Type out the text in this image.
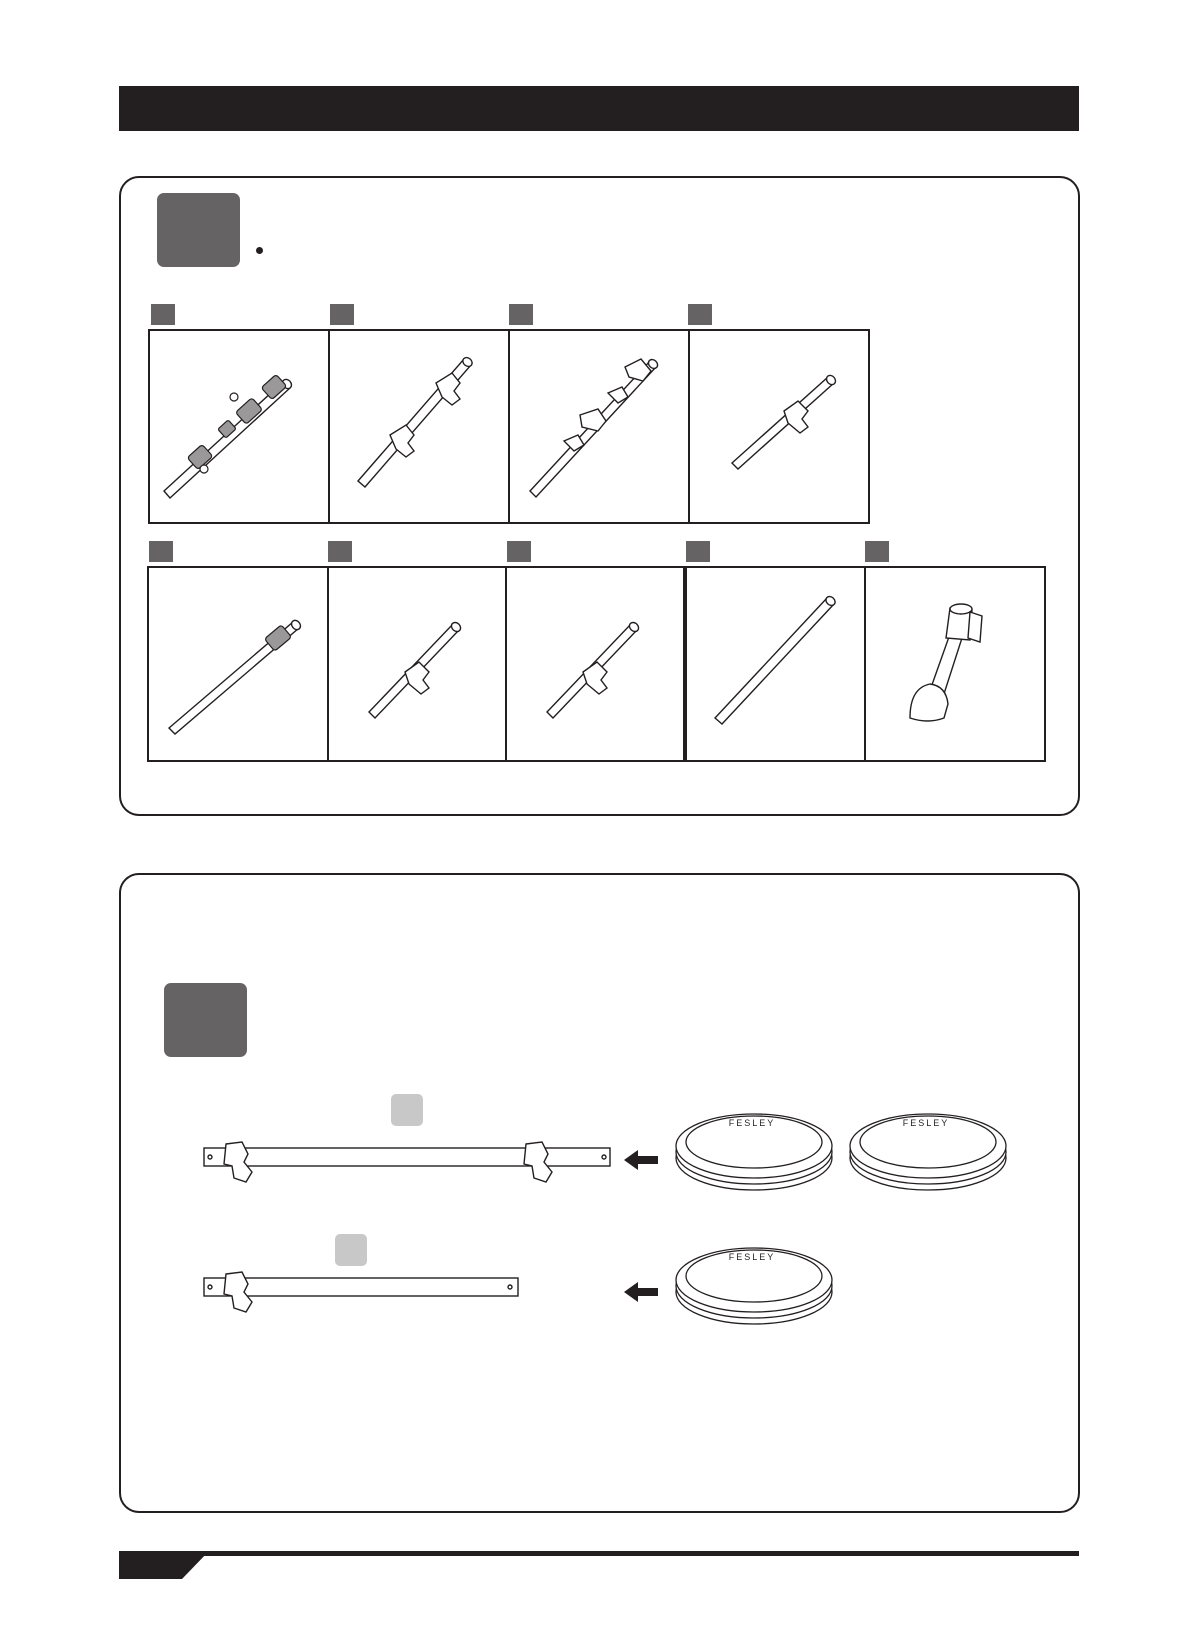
FESLEY	FESLEY
FESLEY
